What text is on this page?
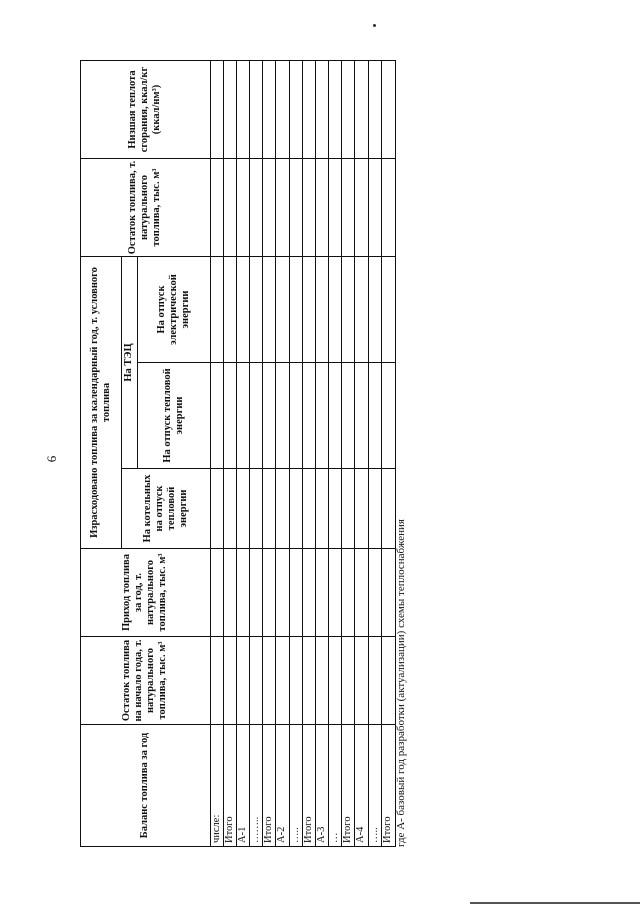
6
Баланс топлива за год	Остаток топлива на начало года, т. натурального топлива, тыс. м³	Приход топлива за год, т. натурального топлива, тыс. м³	Израсходовано топлива за календарный год, т. условного топлива			Остаток топлива, т. натурального топлива, тыс. м³	Низшая теплота сгорания, ккал/кг (ккал/нм³)
			На котельных на отпуск тепловой энергии	На ТЭЦ			
				На отпуск тепловой энергии	На отпуск электрической энергии		
числе:							
Итого							
А-1							
……..							
Итого							
А-2							
…..							
Итого							
А-3							
…							
Итого							
А-4							
…..							
Итого							где А- базовый год разработки (актуализации) схемы теплоснабжения
